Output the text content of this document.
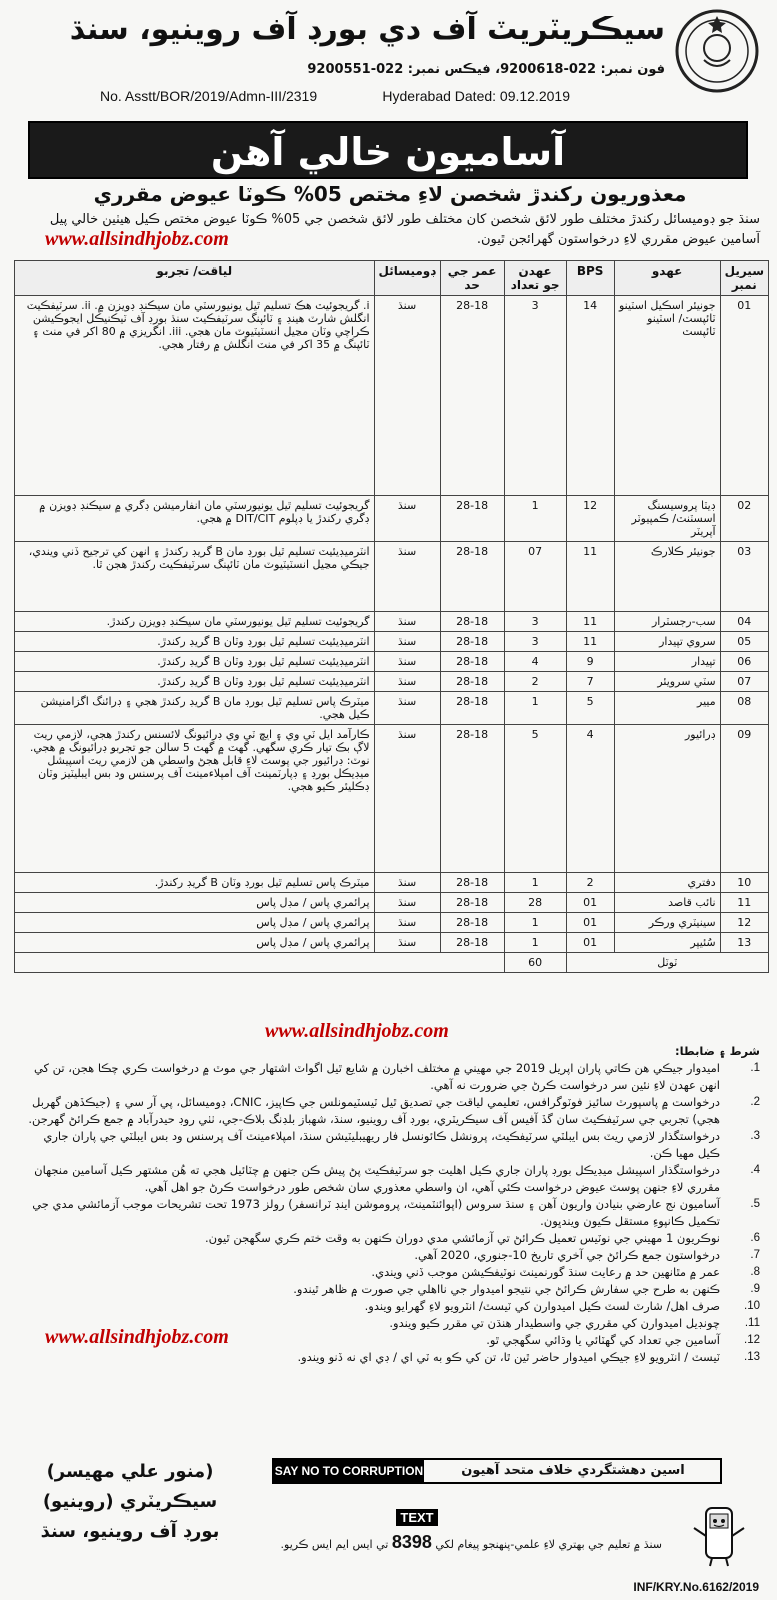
سيڪريٽريٽ آف دي بورڊ آف روينيو، سنڌ
فون نمبر: 022-9200618، فيڪس نمبر: 022-9200551
No. Asstt/BOR/2019/Admn-III/2319	Hyderabad Dated: 09.12.2019
آساميون خالي آهن
معذوريون رکندڙ شخصن لاءِ مختص 05% ڪوٽا عيوض مقرري
سنڌ جو ڊوميسائل رکندڙ مختلف طور لائق شخصن کان مختلف طور لائق شخصن جي 05% ڪوٽا عيوض مختص ڪيل هيٺين خالي پيل آسامين عيوض مقرري لاءِ درخواستون گهرائجن ٿيون.
www.allsindhjobz.com
سيريل نمبر	عهدو	BPS	عهدن جو تعداد	عمر جي حد	ڊوميسائل	لياقت/ تجربو
01	جونيئر اسڪيل اسٽينو ٽائپسٽ/ اسٽينو ٽائپسٽ	14	3	28-18	سنڌ	i. گريجوئيٽ هڪ تسليم ٿيل يونيورسٽي مان سيڪنڊ ڊويزن ۾. ii. سرٽيفڪيٽ انگلش شارٽ هينڊ ۽ ٽائپنگ سرٽيفڪيٽ سنڌ بورڊ آف ٽيڪنيڪل ايجوڪيشن ڪراچي وٽان مڃيل انسٽيٽيوٽ مان هجي. iii. انگريزي ۾ 80 اکر في منٽ ۽ ٽائپنگ ۾ 35 اکر في منٽ انگلش ۾ رفتار هجي.
02	ڊيٽا پروسيسنگ اسسٽنٽ/ ڪمپيوٽر آپريٽر	12	1	28-18	سنڌ	گريجوئيٽ تسليم ٿيل يونيورسٽي مان انفارميشن ڊگري ۾ سيڪنڊ ڊويزن ۾ ڊگري رکندڙ يا ڊپلوم DIT/CIT ۾ هجي.
03	جونيئر ڪلارڪ	11	07	28-18	سنڌ	انٽرميڊيئيٽ تسليم ٿيل بورڊ مان B گريڊ رکندڙ ۽ انهن کي ترجيح ڏني ويندي، جيڪي مڃيل انسٽيٽيوٽ مان ٽائپنگ سرٽيفڪيٽ رکندڙ هجن ٿا.
04	سب-رجسٽرار	11	3	28-18	سنڌ	گريجوئيٽ تسليم ٿيل يونيورسٽي مان سيڪنڊ ڊويزن رکندڙ.
05	سروي تپيدار	11	3	28-18	سنڌ	انٽرميڊيئيٽ تسليم ٿيل بورڊ وٽان B گريڊ رکندڙ.
06	تپيدار	9	4	28-18	سنڌ	انٽرميڊيئيٽ تسليم ٿيل بورڊ وٽان B گريڊ رکندڙ.
07	سٽي سرويئر	7	2	28-18	سنڌ	انٽرميڊيئيٽ تسليم ٿيل بورڊ وٽان B گريڊ رکندڙ.
08	ميير	5	1	28-18	سنڌ	ميٽرڪ پاس تسليم ٿيل بورڊ مان B گريڊ رکندڙ هجي ۽ ڊرائنگ اگزامنيشن ڪيل هجي.
09	ڊرائيور	4	5	28-18	سنڌ	ڪارآمد ايل ٽي وي ۽ ايڇ ٽي وي ڊرائيونگ لائسنس رکندڙ هجي، لازمي ريٽ لاڳ بڪ تيار ڪري سگهي. گهٽ ۾ گهٽ 5 سالن جو تجربو ڊرائيونگ ۾ هجي. نوٽ: ڊرائيور جي پوسٽ لاءِ قابل هجڻ واسطي هن لازمي ريٽ اسپيشل ميڊيڪل بورڊ ۽ ڊپارٽمينٽ آف امپلاءمينٽ آف پرسنس ود بس ايبليٽيز وٽان ڊڪليئر ڪيو هجي.
10	دفتري	2	1	28-18	سنڌ	ميٽرڪ پاس تسليم ٿيل بورڊ وٽان B گريڊ رکندڙ.
11	نائب قاصد	01	28	28-18	سنڌ	پرائمري پاس / مڊل پاس
12	سينيٽري ورڪر	01	1	28-18	سنڌ	پرائمري پاس / مڊل پاس
13	سُئيپر	01	1	28-18	سنڌ	پرائمري پاس / مڊل پاس
ٽوٽل			60			
www.allsindhjobz.com
شرط ۽ ضابطا:
1.
اميدوار جيڪي هن ڪاتي پاران اپريل 2019 جي مهيني ۾ مختلف اخبارن ۾ شايع ٿيل اگواٽ اشتهار جي موٽ ۾ درخواست ڪري چڪا هجن، تن کي انهن عهدن لاءِ نئين سر درخواست ڪرڻ جي ضرورت نه آهي.
2.
درخواست ۾ پاسپورٽ سائيز فوٽوگرافس، تعليمي لياقت جي تصديق ٿيل ٽيسٽيمونلس جي ڪاپيز، CNIC، ڊوميسائل، پي آر سي ۽ (جيڪڏهن گهربل هجي) تجربي جي سرٽيفڪيٽ سان گڏ آفيس آف سيڪريٽري، بورڊ آف روينيو، سنڌ، شهباز بلڊنگ بلاڪ-جي، ٺٺي روڊ حيدرآباد ۾ جمع ڪرائڻ گهرجن.
3.
درخواستگذار لازمي ريٽ بس ايبلٽي سرٽيفڪيٽ، پرونشل ڪائونسل فار ريهيبليٽيشن سنڌ، امپلاءمينٽ آف پرسنس ود بس ايبلٽي جي پاران جاري ڪيل مهيا ڪن.
4.
درخواستگذار اسپيشل ميڊيڪل بورڊ پاران جاري ڪيل اهليت جو سرٽيفڪيٽ پڻ پيش ڪن جنهن ۾ چٽائيل هجي ته هُن مشتهر ڪيل آسامين منجهان مقرري لاءِ جنهن پوسٽ عيوض درخواست ڪئي آهي، ان واسطي معذوري سان شخص طور درخواست ڪرڻ جو اهل آهي.
5.
آساميون نج عارضي بنيادن واريون آهن ۽ سنڌ سروس (اپوائنٽمينٽ، پروموشن اينڊ ٽرانسفر) رولز 1973 تحت تشريحات موجب آزمائشي مدي جي تڪميل ڪانپوءِ مستقل ڪيون ويندڀون.
6.
نوڪريون 1 مهيني جي نوٽيس تعميل ڪرائڻ تي آزمائشي مدي دوران ڪنهن به وقت ختم ڪري سگهجن ٿيون.
7.
درخواستون جمع ڪرائڻ جي آخري تاريخ 10-جنوري، 2020 آهي.
8.
عمر ۾ مٿانهين حد ۾ رعايت سنڌ گورنمينٽ نوٽيفڪيشن موجب ڏني ويندي.
9.
ڪنهن به طرح جي سفارش ڪرائڻ جي نتيجو اميدوار جي نااهلي جي صورت ۾ ظاهر ٿيندو.
10.
صرف اهل/ شارٽ لسٽ ڪيل اميدوارن کي ٽيسٽ/ انٽرويو لاءِ گهرايو ويندو.
11.
چونڊيل اميدوارن کي مقرري جي واسطيدار هنڌن تي مقرر ڪيو ويندو.
12.
آسامين جي تعداد کي گهٽائي يا وڌائي سگهجي ٿو.
13.
ٽيسٽ / انٽرويو لاءِ جيڪي اميدوار حاضر ٿين ٿا، تن کي ڪو به ٽي اي / ڊي اي نه ڏنو ويندو.
www.allsindhjobz.com
(منور علي مهيسر)
سيڪريٽري (روينيو)
بورڊ آف روينيو، سنڌ
SAY NO TO CORRUPTION	اسين دهشتگردي خلاف متحد آهيون
TEXT
سنڌ ۾ تعليم جي بهتري لاءِ علمي-پنهنجو پيغام لکي 8398 تي ايس ايم ايس ڪريو.
INF/KRY.No.6162/2019
